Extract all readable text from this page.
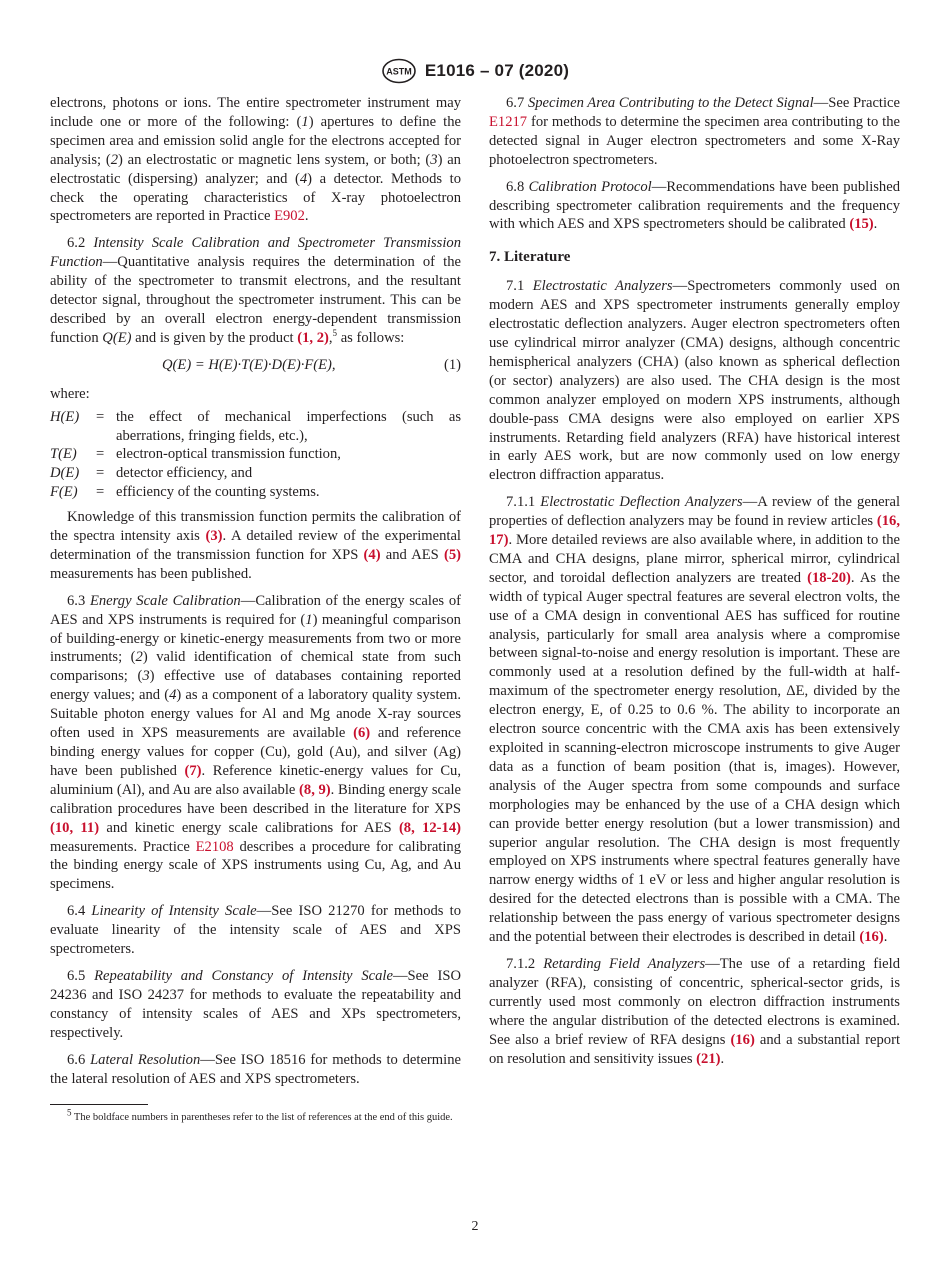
ASTM E1016 – 07 (2020)

electrons, photons or ions. The entire spectrometer instrument may include one or more of the following: (1) apertures to define the specimen area and emission solid angle for the electrons accepted for analysis; (2) an electrostatic or magnetic lens system, or both; (3) an electrostatic (dispersing) analyzer; and (4) a detector. Methods to check the operating characteristics of X-ray photoelectron spectrometers are reported in Practice E902.

6.2 Intensity Scale Calibration and Spectrometer Transmission Function—Quantitative analysis requires the determination of the ability of the spectrometer to transmit electrons, and the resultant detector signal, throughout the spectrometer instrument. This can be described by an overall electron energy-dependent transmission function Q(E) and is given by the product (1, 2),$^5$ as follows:

Q(E) = H(E)·T(E)·D(E)·F(E),	(1)

where:

H(E)	= the effect of mechanical imperfections (such as aberrations, fringing fields, etc.),
T(E)	= electron-optical transmission function,
D(E)	= detector efficiency, and
F(E)	= efficiency of the counting systems.

Knowledge of this transmission function permits the calibration of the spectra intensity axis (3). A detailed review of the experimental determination of the transmission function for XPS (4) and AES (5) measurements has been published.

6.3 Energy Scale Calibration—Calibration of the energy scales of AES and XPS instruments is required for (1) meaningful comparison of building-energy or kinetic-energy measurements from two or more instruments; (2) valid identification of chemical state from such comparisons; (3) effective use of databases containing reported energy values; and (4) as a component of a laboratory quality system. Suitable photon energy values for Al and Mg anode X-ray sources often used in XPS measurements are available (6) and reference binding energy values for copper (Cu), gold (Au), and silver (Ag) have been published (7). Reference kinetic-energy values for Cu, aluminium (Al), and Au are also available (8, 9). Binding energy scale calibration procedures have been described in the literature for XPS (10, 11) and kinetic energy scale calibrations for AES (8, 12-14) measurements. Practice E2108 describes a procedure for calibrating the binding energy scale of XPS instruments using Cu, Ag, and Au specimens.

6.4 Linearity of Intensity Scale—See ISO 21270 for methods to evaluate linearity of the intensity scale of AES and XPS spectrometers.

6.5 Repeatability and Constancy of Intensity Scale—See ISO 24236 and ISO 24237 for methods to evaluate the repeatability and constancy of intensity scales of AES and XPs spectrometers, respectively.

6.6 Lateral Resolution—See ISO 18516 for methods to determine the lateral resolution of AES and XPS spectrometers.

$^5$ The boldface numbers in parentheses refer to the list of references at the end of this guide.

6.7 Specimen Area Contributing to the Detect Signal—See Practice E1217 for methods to determine the specimen area contributing to the detected signal in Auger electron spectrometers and some X-Ray photoelectron spectrometers.

6.8 Calibration Protocol—Recommendations have been published describing spectrometer calibration requirements and the frequency with which AES and XPS spectrometers should be calibrated (15).

7. Literature

7.1 Electrostatic Analyzers—Spectrometers commonly used on modern AES and XPS spectrometer instruments generally employ electrostatic deflection analyzers. Auger electron spectrometers often use cylindrical mirror analyzer (CMA) designs, although concentric hemispherical analyzers (CHA) (also known as spherical deflection (or sector) analyzers) are also used. The CHA design is the most common analyzer employed on modern XPS instruments, although double-pass CMA designs were also employed on earlier XPS instruments. Retarding field analyzers (RFA) have historical interest in early AES work, but are now commonly used on low energy electron diffraction apparatus.

7.1.1 Electrostatic Deflection Analyzers—A review of the general properties of deflection analyzers may be found in review articles (16, 17). More detailed reviews are also available where, in addition to the CMA and CHA designs, plane mirror, spherical mirror, cylindrical sector, and toroidal deflection analyzers are treated (18-20). As the width of typical Auger spectral features are several electron volts, the use of a CMA design in conventional AES has sufficed for routine analysis, particularly for small area analysis where a compromise between signal-to-noise and energy resolution is important. These are commonly used at a resolution defined by the full-width at half-maximum of the spectrometer energy resolution, ΔE, divided by the electron energy, E, of 0.25 to 0.6 %. The ability to incorporate an electron source concentric with the CMA axis has been extensively exploited in scanning-electron microscope instruments to give Auger data as a function of beam position (that is, images). However, analysis of the Auger spectra from some compounds and surface morphologies may be enhanced by the use of a CHA design which can provide better energy resolution (but a lower transmission) and superior angular resolution. The CHA design is most frequently employed on XPS instruments where spectral features generally have narrow energy widths of 1 eV or less and higher angular resolution is desired for the detected electrons than is possible with a CMA. The relationship between the pass energy of various spectrometer designs and the potential between their electrodes is described in detail (16).

7.1.2 Retarding Field Analyzers—The use of a retarding field analyzer (RFA), consisting of concentric, spherical-sector grids, is currently used most commonly on electron diffraction instruments where the angular distribution of the detected electrons is examined. See also a brief review of RFA designs (16) and a substantial report on resolution and sensitivity issues (21).

2
